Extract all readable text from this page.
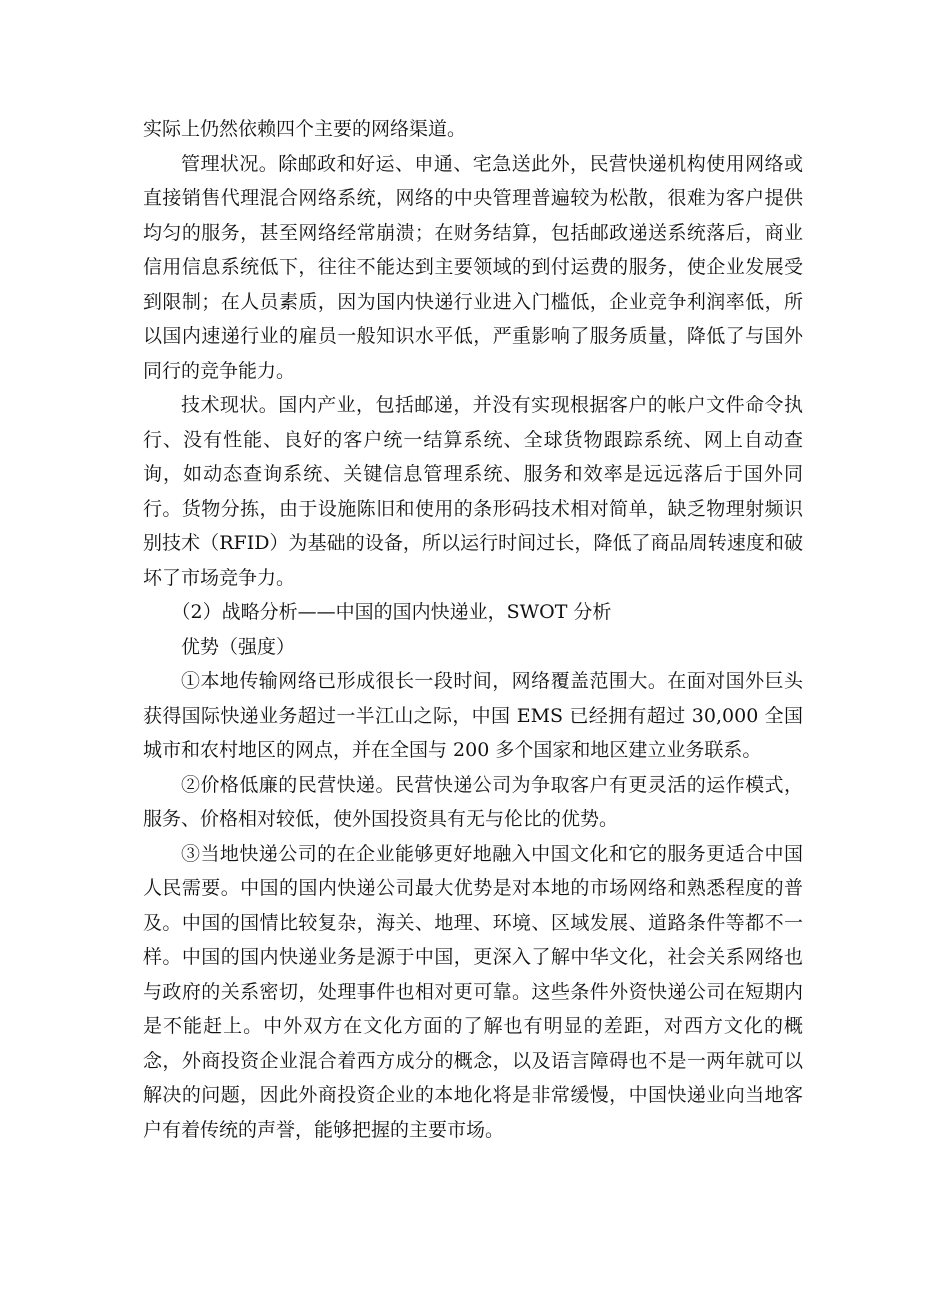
实际上仍然依赖四个主要的网络渠道。

管理状况。除邮政和好运、申通、宅急送此外，民营快递机构使用网络或直接销售代理混合网络系统，网络的中央管理普遍较为松散，很难为客户提供均匀的服务，甚至网络经常崩溃；在财务结算，包括邮政递送系统落后，商业信用信息系统低下，往往不能达到主要领域的到付运费的服务，使企业发展受到限制；在人员素质，因为国内快递行业进入门槛低，企业竞争利润率低，所以国内速递行业的雇员一般知识水平低，严重影响了服务质量，降低了与国外同行的竞争能力。

技术现状。国内产业，包括邮递，并没有实现根据客户的帐户文件命令执行、没有性能、良好的客户统一结算系统、全球货物跟踪系统、网上自动查询，如动态查询系统、关键信息管理系统、服务和效率是远远落后于国外同行。货物分拣，由于设施陈旧和使用的条形码技术相对简单，缺乏物理射频识别技术（RFID）为基础的设备，所以运行时间过长，降低了商品周转速度和破坏了市场竞争力。

（2）战略分析——中国的国内快递业，SWOT 分析

优势（强度）

①本地传输网络已形成很长一段时间，网络覆盖范围大。在面对国外巨头获得国际快递业务超过一半江山之际，中国 EMS 已经拥有超过 30,000 全国城市和农村地区的网点，并在全国与 200 多个国家和地区建立业务联系。

②价格低廉的民营快递。民营快递公司为争取客户有更灵活的运作模式，服务、价格相对较低，使外国投资具有无与伦比的优势。

③当地快递公司的在企业能够更好地融入中国文化和它的服务更适合中国人民需要。中国的国内快递公司最大优势是对本地的市场网络和熟悉程度的普及。中国的国情比较复杂，海关、地理、环境、区域发展、道路条件等都不一样。中国的国内快递业务是源于中国，更深入了解中华文化，社会关系网络也与政府的关系密切，处理事件也相对更可靠。这些条件外资快递公司在短期内是不能赶上。中外双方在文化方面的了解也有明显的差距，对西方文化的概念，外商投资企业混合着西方成分的概念，以及语言障碍也不是一两年就可以解决的问题，因此外商投资企业的本地化将是非常缓慢，中国快递业向当地客户有着传统的声誉，能够把握的主要市场。
